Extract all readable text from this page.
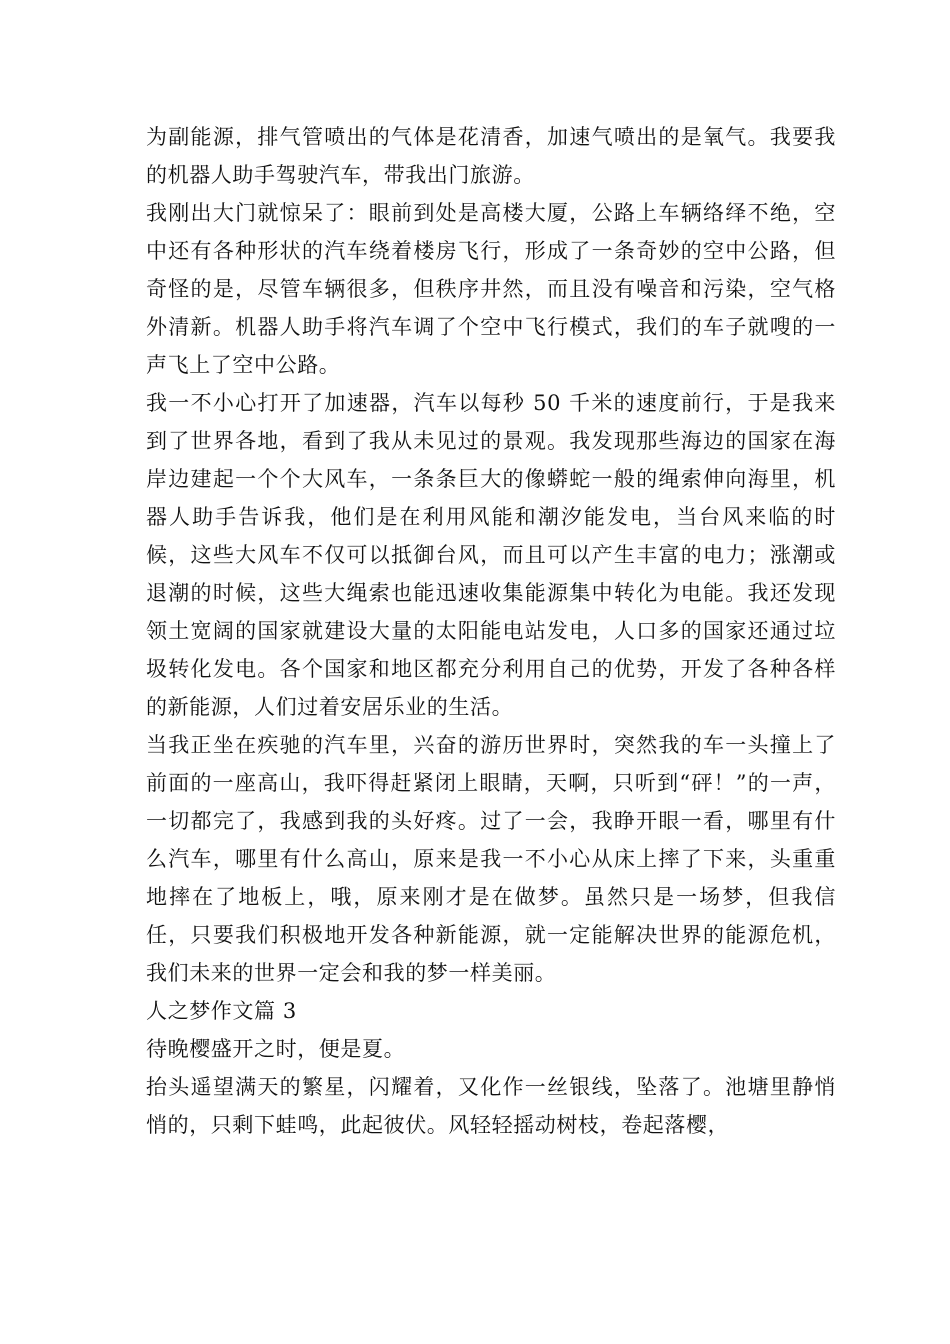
为副能源，排气管喷出的气体是花清香，加速气喷出的是氧气。我要我的机器人助手驾驶汽车，带我出门旅游。

我刚出大门就惊呆了：眼前到处是高楼大厦，公路上车辆络绎不绝，空中还有各种形状的汽车绕着楼房飞行，形成了一条奇妙的空中公路，但奇怪的是，尽管车辆很多，但秩序井然，而且没有噪音和污染，空气格外清新。机器人助手将汽车调了个空中飞行模式，我们的车子就嗖的一声飞上了空中公路。

我一不小心打开了加速器，汽车以每秒 50 千米的速度前行，于是我来到了世界各地，看到了我从未见过的景观。我发现那些海边的国家在海岸边建起一个个大风车，一条条巨大的像蟒蛇一般的绳索伸向海里，机器人助手告诉我，他们是在利用风能和潮汐能发电，当台风来临的时候，这些大风车不仅可以抵御台风，而且可以产生丰富的电力；涨潮或退潮的时候，这些大绳索也能迅速收集能源集中转化为电能。我还发现领土宽阔的国家就建设大量的太阳能电站发电，人口多的国家还通过垃圾转化发电。各个国家和地区都充分利用自己的优势，开发了各种各样的新能源，人们过着安居乐业的生活。

当我正坐在疾驰的汽车里，兴奋的游历世界时，突然我的车一头撞上了前面的一座高山，我吓得赶紧闭上眼睛，天啊，只听到“砰！”的一声，一切都完了，我感到我的头好疼。过了一会，我睁开眼一看，哪里有什么汽车，哪里有什么高山，原来是我一不小心从床上摔了下来，头重重地摔在了地板上，哦，原来刚才是在做梦。虽然只是一场梦，但我信任，只要我们积极地开发各种新能源，就一定能解决世界的能源危机，我们未来的世界一定会和我的梦一样美丽。

人之梦作文篇 3

待晚樱盛开之时，便是夏。

抬头遥望满天的繁星，闪耀着，又化作一丝银线，坠落了。池塘里静悄悄的，只剩下蛙鸣，此起彼伏。风轻轻摇动树枝，卷起落樱，
